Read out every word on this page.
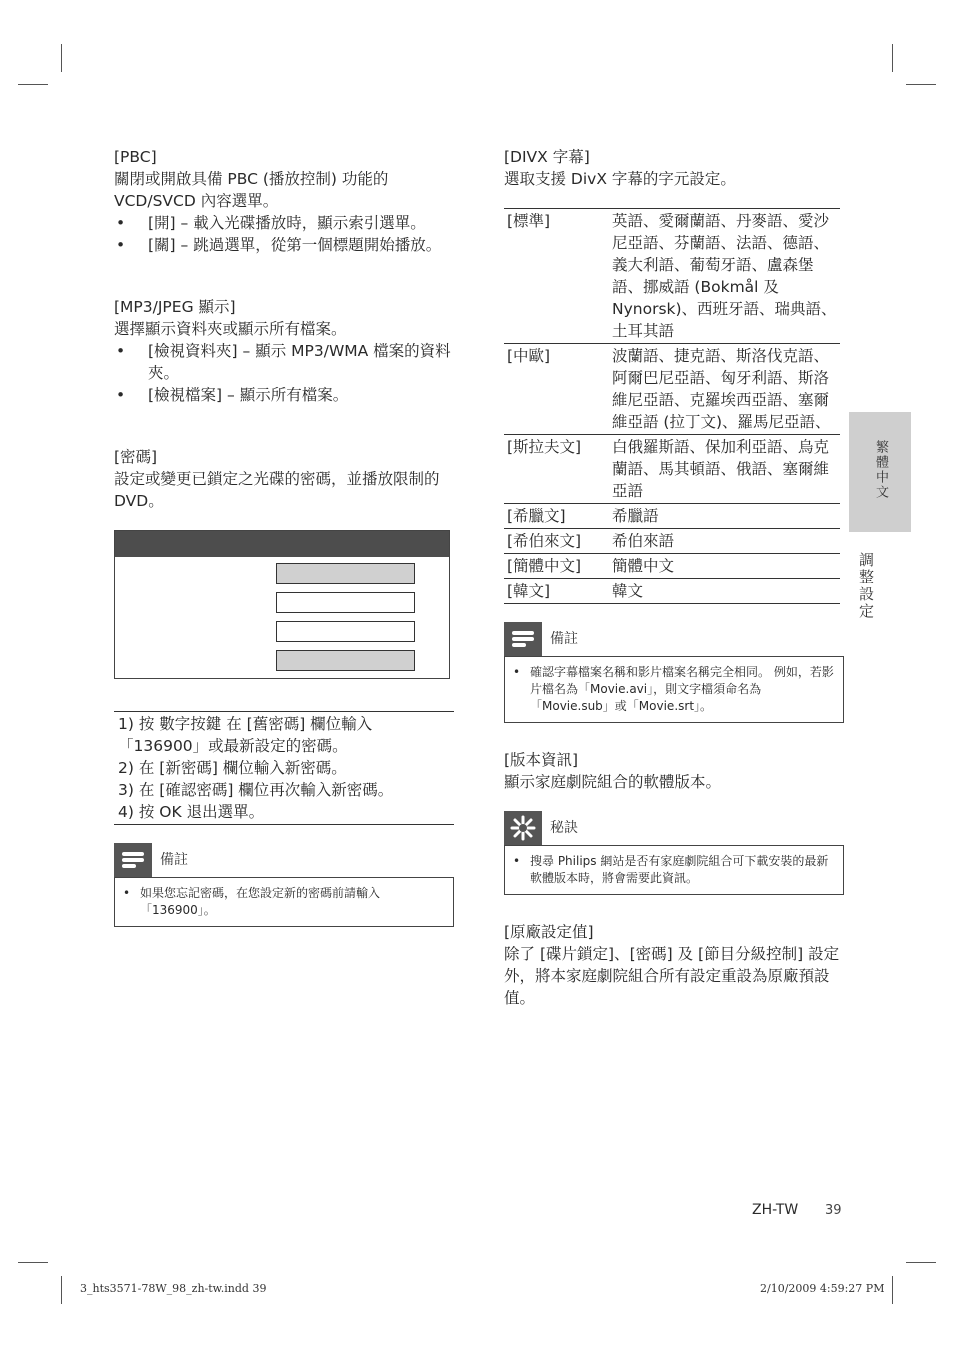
[PBC]

關閉或開啟具備 PBC (播放控制) 功能的 VCD/SVCD 內容選單。

• [開] – 載入光碟播放時，顯示索引選單。
• [關] – 跳過選單，從第一個標題開始播放。

[MP3/JPEG 顯示]

選擇顯示資料夾或顯示所有檔案。

• [檢視資料夾] – 顯示 MP3/WMA 檔案的資料夾。
• [檢視檔案] – 顯示所有檔案。

[密碼]

設定或變更已鎖定之光碟的密碼，並播放限制的 DVD。

1) 按 數字按鍵 在 [舊密碼] 欄位輸入「136900」或最新設定的密碼。

2) 在 [新密碼] 欄位輸入新密碼。

3) 在 [確認密碼] 欄位再次輸入新密碼。

4) 按 OK 退出選單。

備註
• 如果您忘記密碼，在您設定新的密碼前請輸入「136900」。

[DIVX 字幕]

選取支援 DivX 字幕的字元設定。

[標準]	英語、愛爾蘭語、丹麥語、愛沙尼亞語、芬蘭語、法語、德語、義大利語、葡萄牙語、盧森堡語、挪威語 (Bokmål 及 Nynorsk)、西班牙語、瑞典語、土耳其語
[中歐]	波蘭語、捷克語、斯洛伐克語、阿爾巴尼亞語、匈牙利語、斯洛維尼亞語、克羅埃西亞語、塞爾維亞語 (拉丁文)、羅馬尼亞語、
[斯拉夫文]	白俄羅斯語、保加利亞語、烏克蘭語、馬其頓語、俄語、塞爾維亞語
[希臘文]	希臘語
[希伯來文]	希伯來語
[簡體中文]	簡體中文
[韓文]	韓文
備註
• 確認字幕檔案名稱和影片檔案名稱完全相同。 例如，若影片檔名為「Movie.avi」，則文字檔須命名為「Movie.sub」或「Movie.srt」。

[版本資訊]

顯示家庭劇院組合的軟體版本。

秘訣
• 搜尋 Philips 網站是否有家庭劇院組合可下載安裝的最新軟體版本時，將會需要此資訊。

[原廠設定值]

除了 [碟片鎖定]、[密碼] 及 [節目分級控制] 設定外，將本家庭劇院組合所有設定重設為原廠預設值。

繁體中文
調整設定
ZH-TW 39
3_hts3571-78W_98_zh-tw.indd 39	2/10/2009 4:59:27 PM
